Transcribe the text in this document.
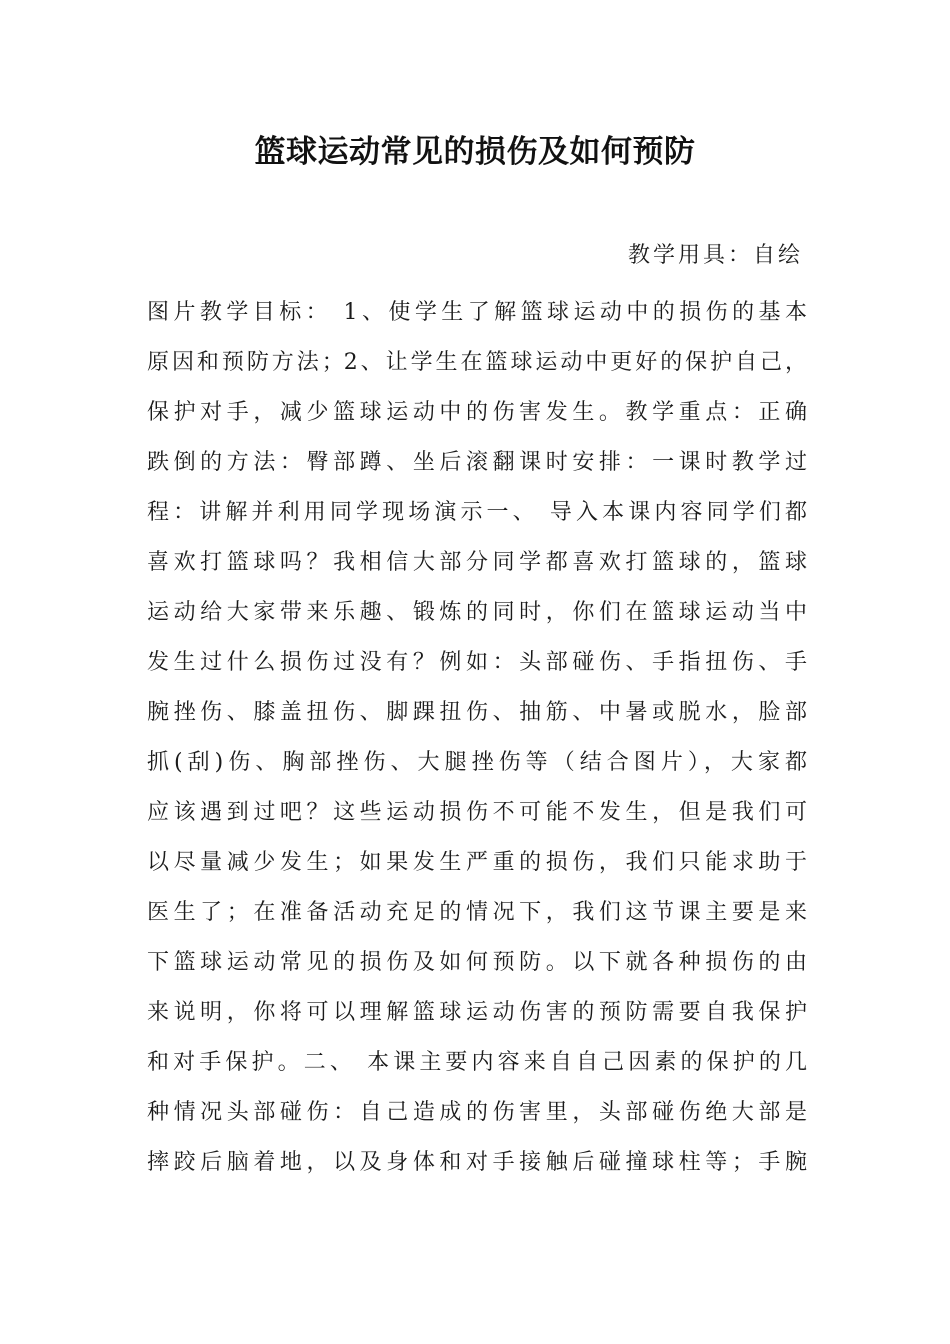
篮球运动常见的损伤及如何预防
教学用具：自绘
图片教学目标： 1、使学生了解篮球运动中的损伤的基本
原因和预防方法；2、让学生在篮球运动中更好的保护自己，
保护对手，减少篮球运动中的伤害发生。教学重点：正确
跌倒的方法：臀部蹲、坐后滚翻课时安排：一课时教学过
程：讲解并利用同学现场演示一、 导入本课内容同学们都
喜欢打篮球吗？我相信大部分同学都喜欢打篮球的，篮球
运动给大家带来乐趣、锻炼的同时，你们在篮球运动当中
发生过什么损伤过没有？例如：头部碰伤、手指扭伤、手
腕挫伤、膝盖扭伤、脚踝扭伤、抽筋、中暑或脱水，脸部
抓(刮)伤、胸部挫伤、大腿挫伤等（结合图片），大家都
应该遇到过吧？这些运动损伤不可能不发生，但是我们可
以尽量减少发生；如果发生严重的损伤，我们只能求助于
医生了；在准备活动充足的情况下，我们这节课主要是来
下篮球运动常见的损伤及如何预防。以下就各种损伤的由
来说明，你将可以理解篮球运动伤害的预防需要自我保护
和对手保护。二、 本课主要内容来自自己因素的保护的几
种情况头部碰伤：自己造成的伤害里，头部碰伤绝大部是
摔跤后脑着地，以及身体和对手接触后碰撞球柱等；手腕
